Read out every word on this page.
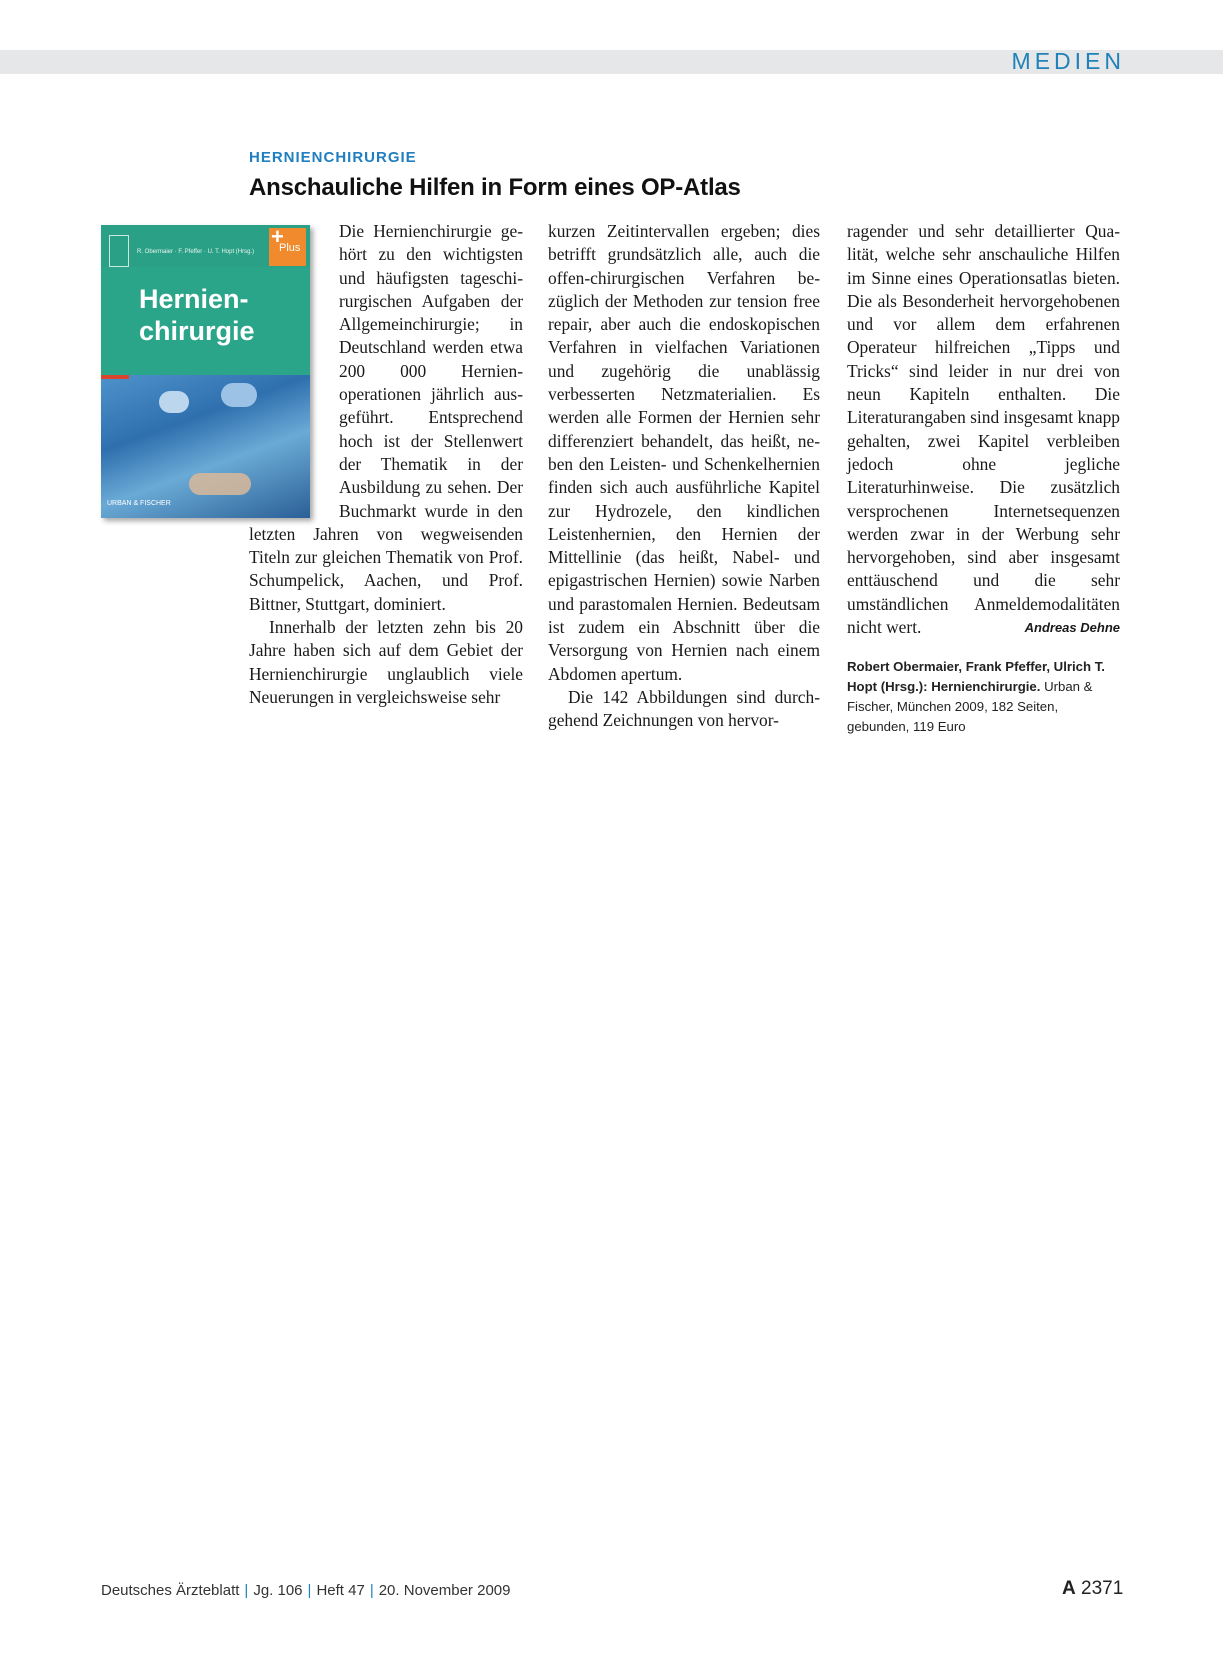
MEDIEN
HERNIENCHIRURGIE
Anschauliche Hilfen in Form eines OP-Atlas
R. Obermaier · F. Pfeffer · U. T. Hopt (Hrsg.)
+
Plus
Hernien-
chirurgie
URBAN & FISCHER

Die Hernienchirurgie gehört zu den wichtigsten und häufigsten tageschirurgischen Aufgaben der Allgemeinchirurgie; in Deutschland werden etwa 200 000 Hernienoperationen jährlich ausgeführt. Entsprechend hoch ist der Stellenwert der Thematik in der Ausbildung zu sehen. Der Buchmarkt wurde in den letzten Jahren von wegweisenden Titeln zur gleichen Thematik von Prof. Schumpelick, Aachen, und Prof. Bittner, Stuttgart, dominiert.

Innerhalb der letzten zehn bis 20 Jahre haben sich auf dem Gebiet der Hernienchirurgie unglaublich viele Neuerungen in vergleichsweise sehr

kurzen Zeitintervallen ergeben; dies betrifft grundsätzlich alle, auch die offen-chirurgischen Verfahren bezüglich der Methoden zur tension free repair, aber auch die endoskopischen Verfahren in vielfachen Variationen und zugehörig die unablässig verbesserten Netzmaterialien. Es werden alle Formen der Hernien sehr differenziert behandelt, das heißt, neben den Leisten- und Schenkelhernien finden sich auch ausführliche Kapitel zur Hydrozele, den kindlichen Leistenhernien, den Hernien der Mittellinie (das heißt, Nabel- und epigastrischen Hernien) sowie Narben und parastomalen Hernien. Bedeutsam ist zudem ein Abschnitt über die Versorgung von Hernien nach einem Abdomen apertum.

Die 142 Abbildungen sind durchgehend Zeichnungen von hervor-

ragender und sehr detaillierter Qualität, welche sehr anschauliche Hilfen im Sinne eines Operationsatlas bieten. Die als Besonderheit hervorgehobenen und vor allem dem erfahrenen Operateur hilfreichen „Tipps und Tricks“ sind leider in nur drei von neun Kapiteln enthalten. Die Literaturangaben sind insgesamt knapp gehalten, zwei Kapitel verbleiben jedoch ohne jegliche Literaturhinweise. Die zusätzlich versprochenen Internetsequenzen werden zwar in der Werbung sehr hervorgehoben, sind aber insgesamt enttäuschend und die sehr umständlichen Anmeldemodalitäten nicht wert.	Andreas Dehne

Robert Obermaier, Frank Pfeffer, Ulrich T. Hopt (Hrsg.): Hernienchirurgie. Urban & Fischer, München 2009, 182 Seiten, gebunden, 119 Euro
Deutsches Ärzteblatt | Jg. 106 | Heft 47 | 20. November 2009	A 2371
